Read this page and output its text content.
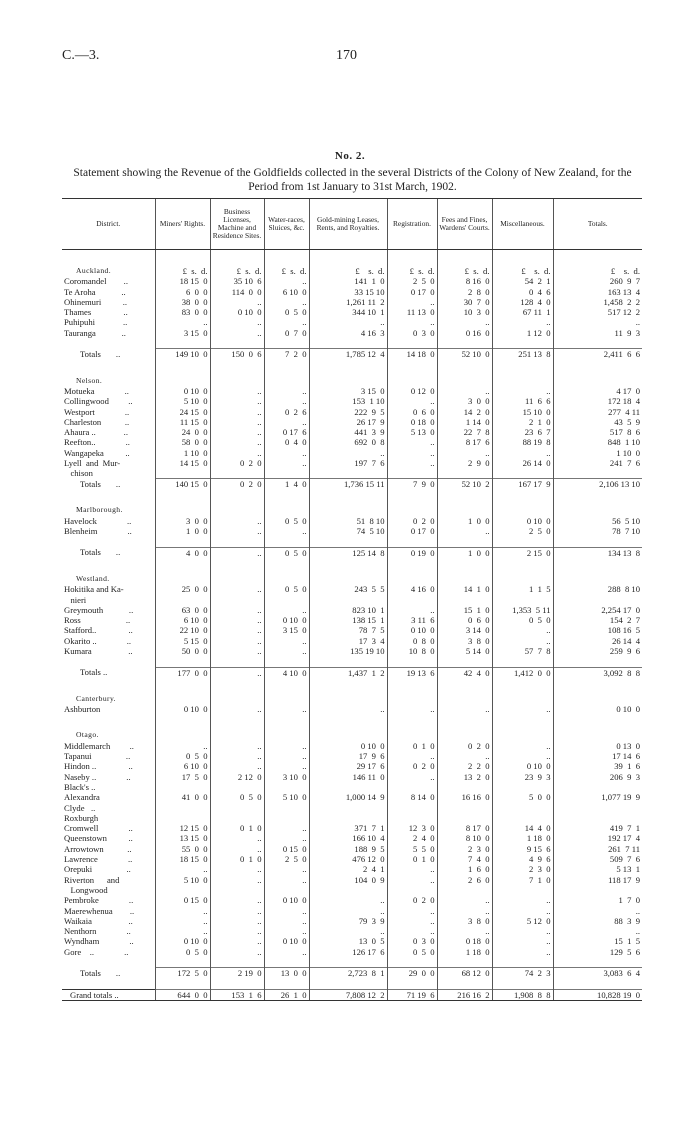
C.—3.	170
No. 2.
Statement showing the Revenue of the Goldfields collected in the several Districts of the Colony of New Zealand, for the Period from 1st January to 31st March, 1902.
District.	Miners' Rights.	Business Licenses, Machine and Residence Sites.	Water-races, Sluices, &c.	Gold-mining Leases, Rents, and Royalties.	Registration.	Fees and Fines, Wardens' Courts.	Miscellaneous.	Totals.

Auckland.	£  s.  d.	£  s.  d.	£  s.  d.	£    s.  d.	£  s.  d.	£  s.  d.	£    s.  d.	£    s.  d.
Coromandel        ..	18 15  0	35 10  6	..	141  1  0	2  5  0	8 16  0	54  2  1	260  9  7
Te Aroha            ..	6  0  0	114  0  0	6 10  0	33 15 10	0 17  0	2  8  0	0  4  6	163 13  4
Ohinemuri          ..	38  0  0	..	..	1,261 11  2	..	30  7  0	128  4  0	1,458  2  2
Thames               ..	83  0  0	0 10  0	0  5  0	344 10  1	11 13  0	10  3  0	67 11  1	517 12  2
Puhipuhi             ..	..	..	..	..	..	..	..	..
Tauranga            ..	3 15  0	..	0  7  0	4 16  3	0  3  0	0 16  0	1 12  0	11  9  3

Totals       ..	149 10  0	150  0  6	7  2  0	1,785 12  4	14 18  0	52 10  0	251 13  8	2,411  6  6

Nelson.								
Motueka              ..	0 10  0	..	..	3 15  0	0 12  0	..	..	4 17  0
Collingwood         ..	5 10  0	..	..	153  1 10	..	3  0  0	11  6  6	172 18  4
Westport              ..	24 15  0	..	0  2  6	222  9  5	0  6  0	14  2  0	15 10  0	277  4 11
Charleston           ..	11 15  0	..	..	26 17  9	0 18  0	1 14  0	2  1  0	43  5  9
Ahaura ..             ..	24  0  0	..	0 17  6	441  3  9	5 13  0	22  7  8	23  6  7	517  8  6
Reefton..              ..	58  0  0	..	0  4  0	692  0  8	..	8 17  6	88 19  8	848  1 10
Wangapeka          ..	1 10  0	..	..	..	..	..	..	1 10  0
Lyell  and  Mur-	14 15  0	0  2  0	..	197  7  6	..	2  9  0	26 14  0	241  7  6
chison								
Totals       ..	140 15  0	0  2  0	1  4  0	1,736 15 11	7  9  0	52 10  2	167 17  9	2,106 13 10

Marlborough.								
Havelock              ..	3  0  0	..	0  5  0	51  8 10	0  2  0	1  0  0	0 10  0	56  5 10
Blenheim              ..	1  0  0	..	..	74  5 10	0 17  0	..	2  5  0	78  7 10

Totals       ..	4  0  0	..	0  5  0	125 14  8	0 19  0	1  0  0	2 15  0	134 13  8

Westland.								
Hokitika and Ka-	25  0  0	..	0  5  0	243  5  5	4 16  0	14  1  0	1  1  5	288  8 10
nieri								
Greymouth            ..	63  0  0	..	..	823 10  1	..	15  1  0	1,353  5 11	2,254 17  0
Ross                     ..	6 10  0	..	0 10  0	138 15  1	3 11  6	0  6  0	0  5  0	154  2  7
Stafford..               ..	22 10  0	..	3 15  0	78  7  5	0 10  0	3 14  0	..	108 16  5
Okarito ..              ..	5 15  0	..	..	17  3  4	0  8  0	3  8  0	..	26 14  4
Kumara                 ..	50  0  0	..	..	135 19 10	10  8  0	5 14  0	57  7  8	259  9  6

Totals ..	177  0  0	..	4 10  0	1,437  1  2	19 13  6	42  4  0	1,412  0  0	3,092  8  8

Canterbury.								
Ashburton	0 10  0	..	..	..	..	..	..	0 10  0

Otago.								
Middlemarch         ..	..	..	..	0 10  0	0  1  0	0  2  0	..	0 13  0
Tapanui                ..	0  5  0	..	..	17  9  6	..	..	..	17 14  6
Hindon ..               ..	6 10  0	..	..	29 17  6	0  2  0	2  2  0	0 10  0	39  1  6
Naseby ..              ..	17  5  0	2 12  0	3 10  0	146 11  0	..	13  2  0	23  9  3	206  9  3
Black's ..								
Alexandra	41  0  0	0  5  0	5 10  0	1,000 14  9	8 14  0	16 16  0	5  0  0	1,077 19  9
Clyde   ..								
Roxburgh								
Cromwell              ..	12 15  0	0  1  0	..	371  7  1	12  3  0	8 17  0	14  4  0	419  7  1
Queenstown          ..	13 15  0	..	..	166 10  4	2  4  0	8 10  0	1 18  0	192 17  4
Arrowtown           ..	55  0  0	..	0 15  0	188  9  5	5  5  0	2  3  0	9 15  6	261  7 11
Lawrence              ..	18 15  0	0  1  0	2  5  0	476 12  0	0  1  0	7  4  0	4  9  6	509  7  6
Orepuki                ..	..	..	..	2  4  1	..	1  6  0	2  3  0	5 13  1
Riverton      and	5 10  0	..	..	104  0  9	..	2  6  0	7  1  0	118 17  9
Longwood								
Pembroke              ..	0 15  0	..	0 10  0	..	0  2  0	..	..	1  7  0
Maerewhenua        ..	..	..	..	..	..	..	..	..
Waikaia                 ..	..	..	..	79  3  9	..	3  8  0	5 12  0	88  3  9
Nenthorn              ..	..	..	..	..	..	..	..	..
Wyndham              ..	0 10  0	..	0 10  0	13  0  5	0  3  0	0 18  0	..	15  1  5
Gore    ..              ..	0  5  0	..	..	126 17  6	0  5  0	1 18  0	..	129  5  6

Totals       ..	172  5  0	2 19  0	13  0  0	2,723  8  1	29  0  0	68 12  0	74  2  3	3,083  6  4

Grand totals ..	644  0  0	153  1  6	26  1  0	7,808 12  2	71 19  6	216 16  2	1,908  8  8	10,828 19  0
